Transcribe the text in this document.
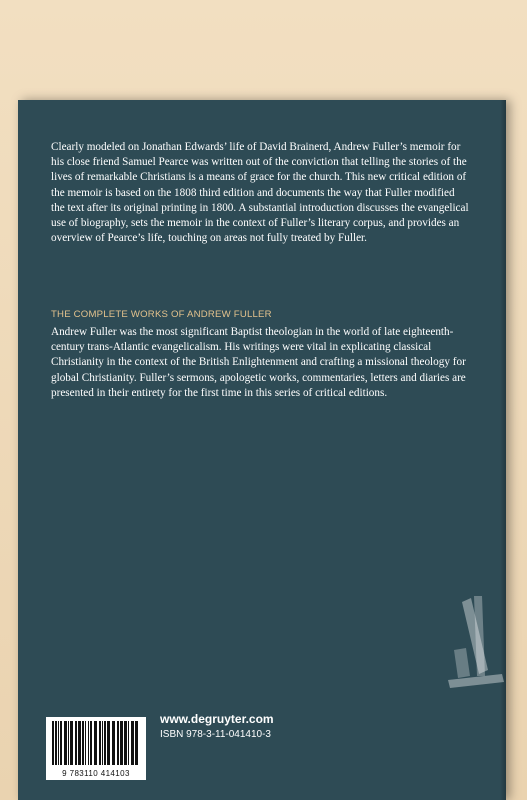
Clearly modeled on Jonathan Edwards’ life of David Brainerd, Andrew Fuller’s memoir for his close friend Samuel Pearce was written out of the conviction that telling the stories of the lives of remarkable Christians is a means of grace for the church. This new critical edition of the memoir is based on the 1808 third edition and documents the way that Fuller modified the text after its original printing in 1800. A substantial introduction discusses the evangelical use of biography, sets the memoir in the context of Fuller’s literary corpus, and provides an overview of Pearce’s life, touching on areas not fully treated by Fuller.

THE COMPLETE WORKS OF ANDREW FULLER

Andrew Fuller was the most significant Baptist theologian in the world of late eighteenth-century trans-Atlantic evangelicalism. His writings were vital in explicating classical Christianity in the context of the British Enlightenment and crafting a missional theology for global Christianity. Fuller’s sermons, apologetic works, commentaries, letters and diaries are presented in their entirety for the first time in this series of critical editions.

9 783110 414103
www.degruyter.com
ISBN 978-3-11-041410-3
